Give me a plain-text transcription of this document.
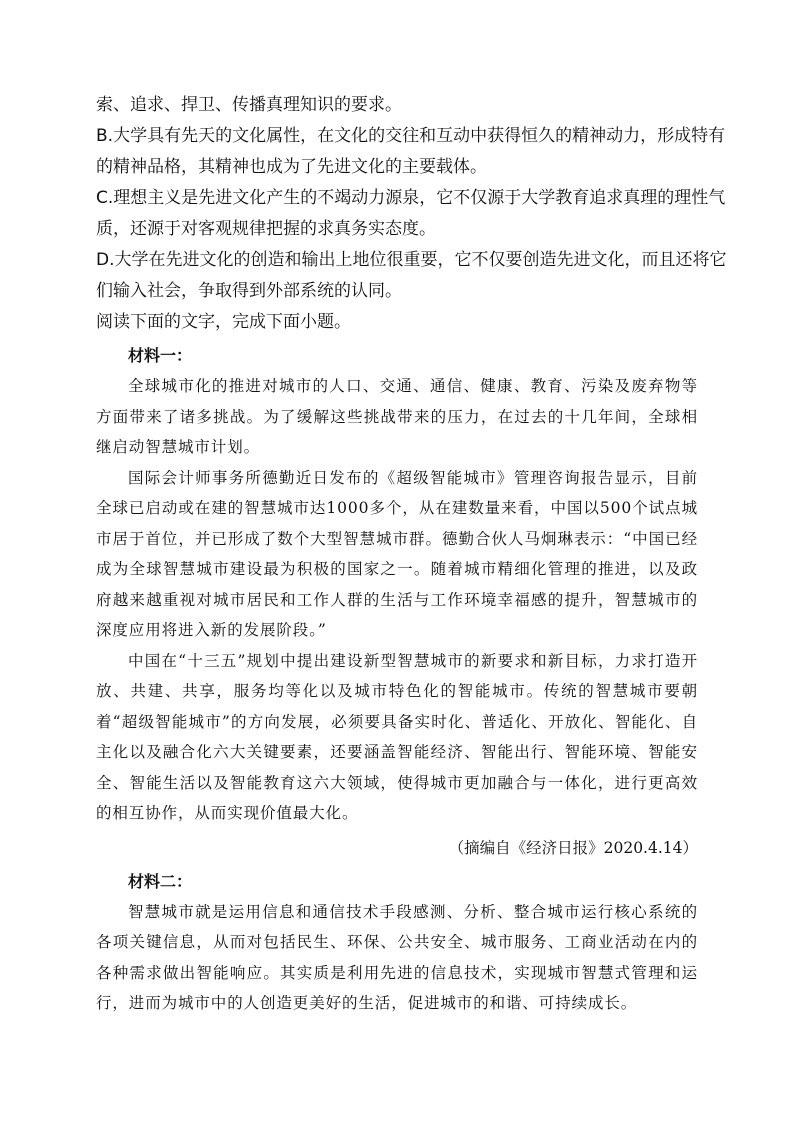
索、追求、捍卫、传播真理知识的要求。

B.大学具有先天的文化属性，在文化的交往和互动中获得恒久的精神动力，形成特有

的精神品格，其精神也成为了先进文化的主要载体。

C.理想主义是先进文化产生的不竭动力源泉，它不仅源于大学教育追求真理的理性气

质，还源于对客观规律把握的求真务实态度。

D.大学在先进文化的创造和输出上地位很重要，它不仅要创造先进文化，而且还将它

们输入社会，争取得到外部系统的认同。

阅读下面的文字，完成下面小题。

材料一：

全球城市化的推进对城市的人口、交通、通信、健康、教育、污染及废弃物等方面带来了诸多挑战。为了缓解这些挑战带来的压力，在过去的十几年间，全球相继启动智慧城市计划。

国际会计师事务所德勤近日发布的《超级智能城市》管理咨询报告显示，目前全球已启动或在建的智慧城市达1000多个，从在建数量来看，中国以500个试点城市居于首位，并已形成了数个大型智慧城市群。德勤合伙人马炯琳表示：“中国已经成为全球智慧城市建设最为积极的国家之一。随着城市精细化管理的推进，以及政府越来越重视对城市居民和工作人群的生活与工作环境幸福感的提升，智慧城市的深度应用将进入新的发展阶段。”

中国在“十三五”规划中提出建设新型智慧城市的新要求和新目标，力求打造开放、共建、共享，服务均等化以及城市特色化的智能城市。传统的智慧城市要朝着“超级智能城市”的方向发展，必须要具备实时化、普适化、开放化、智能化、自主化以及融合化六大关键要素，还要涵盖智能经济、智能出行、智能环境、智能安全、智能生活以及智能教育这六大领域，使得城市更加融合与一体化，进行更高效的相互协作，从而实现价值最大化。

（摘编自《经济日报》2020.4.14）

材料二：

智慧城市就是运用信息和通信技术手段感测、分析、整合城市运行核心系统的各项关键信息，从而对包括民生、环保、公共安全、城市服务、工商业活动在内的各种需求做出智能响应。其实质是利用先进的信息技术，实现城市智慧式管理和运行，进而为城市中的人创造更美好的生活，促进城市的和谐、可持续成长。
